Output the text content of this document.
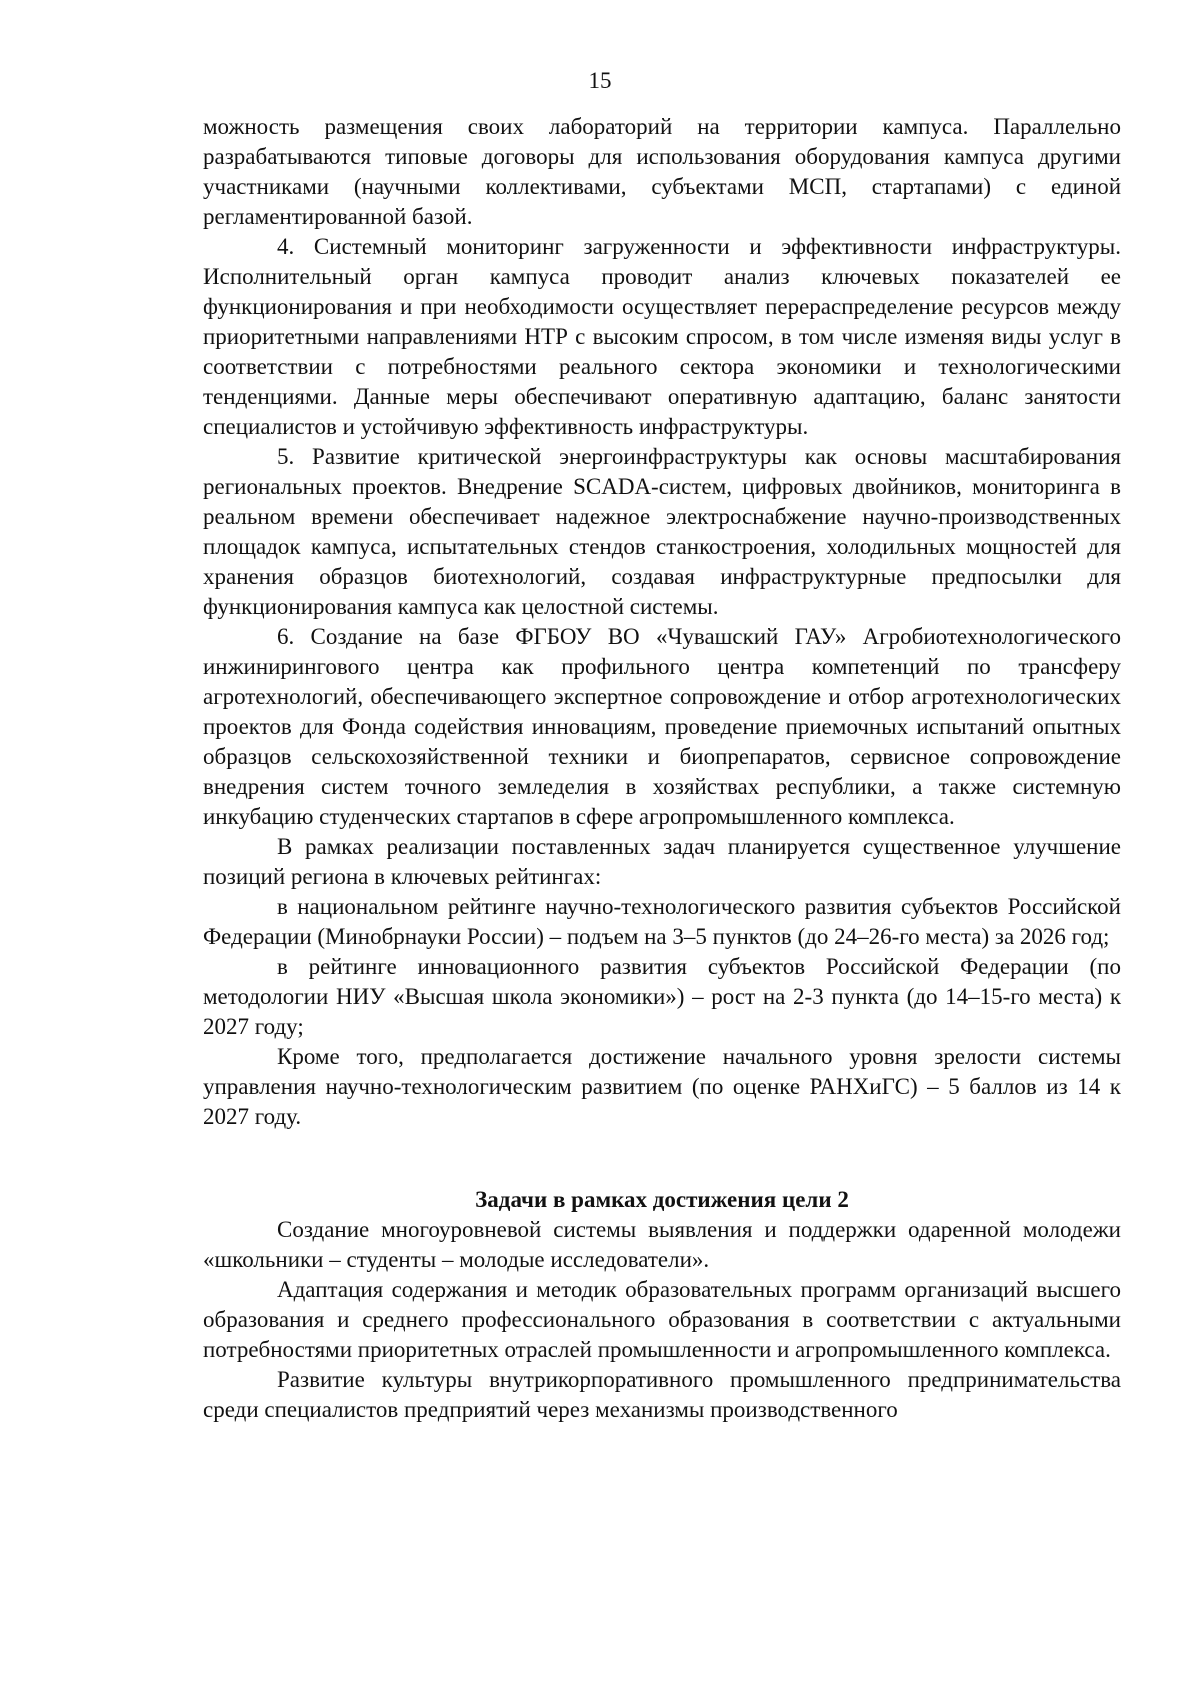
15

можность размещения своих лабораторий на территории кампуса. Параллельно разрабатываются типовые договоры для использования оборудования кампуса другими участниками (научными коллективами, субъектами МСП, стартапами) с единой регламентированной базой.

4. Системный мониторинг загруженности и эффективности инфраструктуры. Исполнительный орган кампуса проводит анализ ключевых показателей ее функционирования и при необходимости осуществляет перераспределение ресурсов между приоритетными направлениями НТР с высоким спросом, в том числе изменяя виды услуг в соответствии с потребностями реального сектора экономики и технологическими тенденциями. Данные меры обеспечивают оперативную адаптацию, баланс занятости специалистов и устойчивую эффективность инфраструктуры.

5. Развитие критической энергоинфраструктуры как основы масштабирования региональных проектов. Внедрение SCADA-систем, цифровых двойников, мониторинга в реальном времени обеспечивает надежное электроснабжение научно-производственных площадок кампуса, испытательных стендов станкостроения, холодильных мощностей для хранения образцов биотехнологий, создавая инфраструктурные предпосылки для функционирования кампуса как целостной системы.

6. Создание на базе ФГБОУ ВО «Чувашский ГАУ» Агробиотехнологического инжинирингового центра как профильного центра компетенций по трансферу агротехнологий, обеспечивающего экспертное сопровождение и отбор агротехнологических проектов для Фонда содействия инновациям, проведение приемочных испытаний опытных образцов сельскохозяйственной техники и биопрепаратов, сервисное сопровождение внедрения систем точного земледелия в хозяйствах республики, а также системную инкубацию студенческих стартапов в сфере агропромышленного комплекса.

В рамках реализации поставленных задач планируется существенное улучшение позиций региона в ключевых рейтингах:

в национальном рейтинге научно-технологического развития субъектов Российской Федерации (Минобрнауки России) – подъем на 3–5 пунктов (до 24–26-го места) за 2026 год;

в рейтинге инновационного развития субъектов Российской Федерации (по методологии НИУ «Высшая школа экономики») – рост на 2-3 пункта (до 14–15-го места) к 2027 году;

Кроме того, предполагается достижение начального уровня зрелости системы управления научно-технологическим развитием (по оценке РАНХиГС) – 5 баллов из 14 к 2027 году.

Задачи в рамках достижения цели 2

Создание многоуровневой системы выявления и поддержки одаренной молодежи «школьники – студенты – молодые исследователи».

Адаптация содержания и методик образовательных программ организаций высшего образования и среднего профессионального образования в соответствии с актуальными потребностями приоритетных отраслей промышленности и агропромышленного комплекса.

Развитие культуры внутрикорпоративного промышленного предпринимательства среди специалистов предприятий через механизмы производственного
